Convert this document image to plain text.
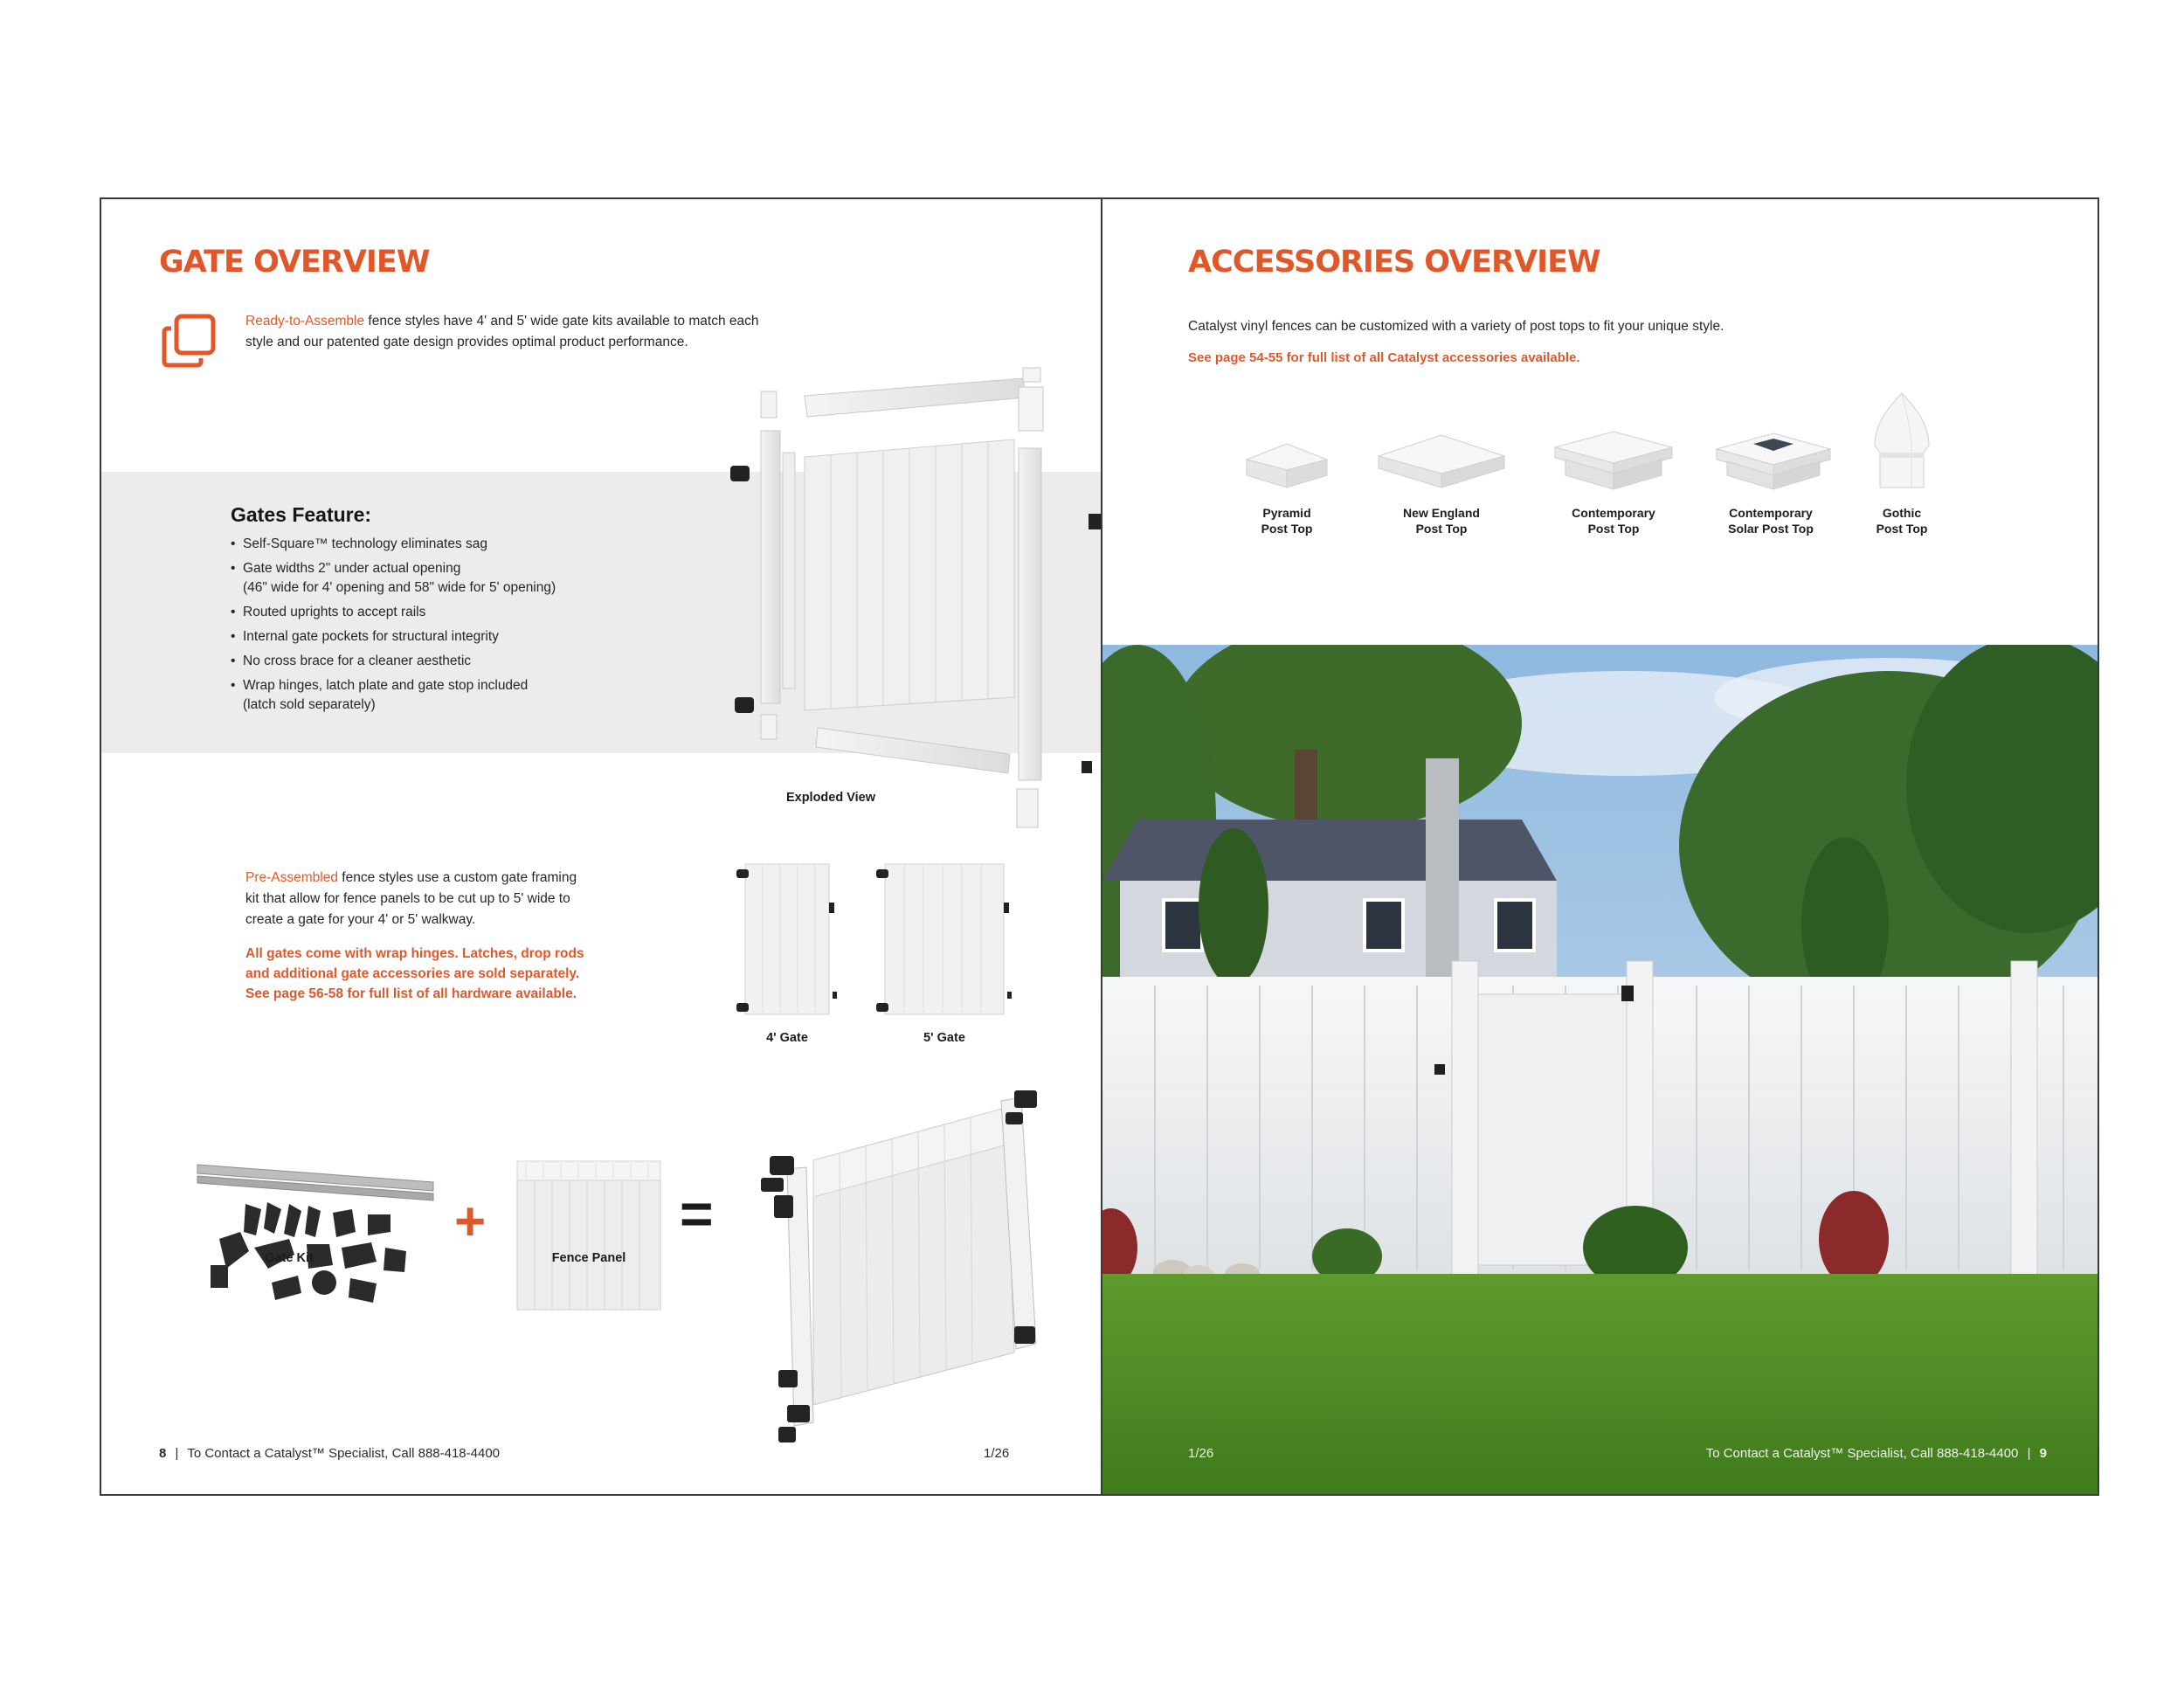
GATE OVERVIEW
Ready-to-Assemble fence styles have 4' and 5' wide gate kits available to match each
style and our patented gate design provides optimal product performance.
Gates Feature:
• Self-Square™ technology eliminates sag
• Gate widths 2" under actual opening
(46" wide for 4' opening and 58" wide for 5' opening)
• Routed uprights to accept rails
• Internal gate pockets for structural integrity
• No cross brace for a cleaner aesthetic
• Wrap hinges, latch plate and gate stop included
(latch sold separately)
Exploded View
Pre-Assembled fence styles use a custom gate framing
kit that allow for fence panels to be cut up to 5' wide to
create a gate for your 4' or 5' walkway.
All gates come with wrap hinges. Latches, drop rods
and additional gate accessories are sold separately.
See page 56-58 for full list of all hardware available.
4' Gate	5' Gate
Gate Kit
+
Fence Panel
=
8 | To Contact a Catalyst™ Specialist, Call 888-418-4400	1/26
ACCESSORIES OVERVIEW
Catalyst vinyl fences can be customized with a variety of post tops to fit your unique style.
See page 54-55 for full list of all Catalyst accessories available.
Pyramid
Post Top
New England
Post Top
Contemporary
Post Top
Contemporary
Solar Post Top
Gothic
Post Top
1/26	To Contact a Catalyst™ Specialist, Call 888-418-4400 | 9
